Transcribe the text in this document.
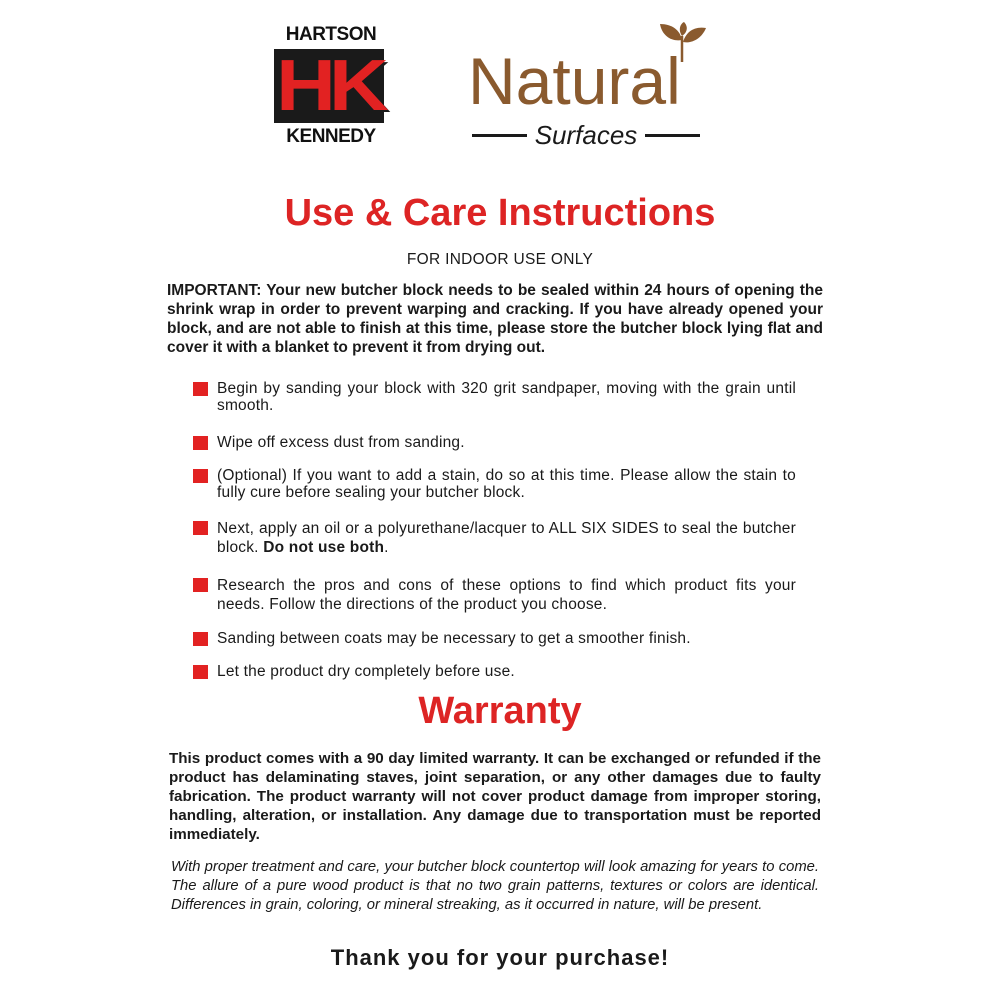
HARTSON
HK
KENNEDY
Natural
Surfaces
Use & Care Instructions
FOR INDOOR USE ONLY
IMPORTANT: Your new butcher block needs to be sealed within 24 hours of opening the shrink wrap in order to prevent warping and cracking. If you have already opened your block, and are not able to finish at this time, please store the butcher block lying flat and cover it with a blanket to prevent it from drying out.
Begin by sanding your block with 320 grit sandpaper, moving with the grain until smooth.
Wipe off excess dust from sanding.
(Optional) If you want to add a stain, do so at this time. Please allow the stain to fully cure before sealing your butcher block.
Next, apply an oil or a polyurethane/lacquer to ALL SIX SIDES to seal the butcher block. Do not use both.
Research the pros and cons of these options to find which product fits your needs. Follow the directions of the product you choose.
Sanding between coats may be necessary to get a smoother finish.
Let the product dry completely before use.
Warranty
This product comes with a 90 day limited warranty. It can be exchanged or refunded if the product has delaminating staves, joint separation, or any other damages due to faulty fabrication. The product warranty will not cover product damage from improper storing, handling, alteration, or installation. Any damage due to transportation must be reported immediately.
With proper treatment and care, your butcher block countertop will look amazing for years to come. The allure of a pure wood product is that no two grain patterns, textures or colors are identical. Differences in grain, coloring, or mineral streaking, as it occurred in nature, will be present.
Thank you for your purchase!
